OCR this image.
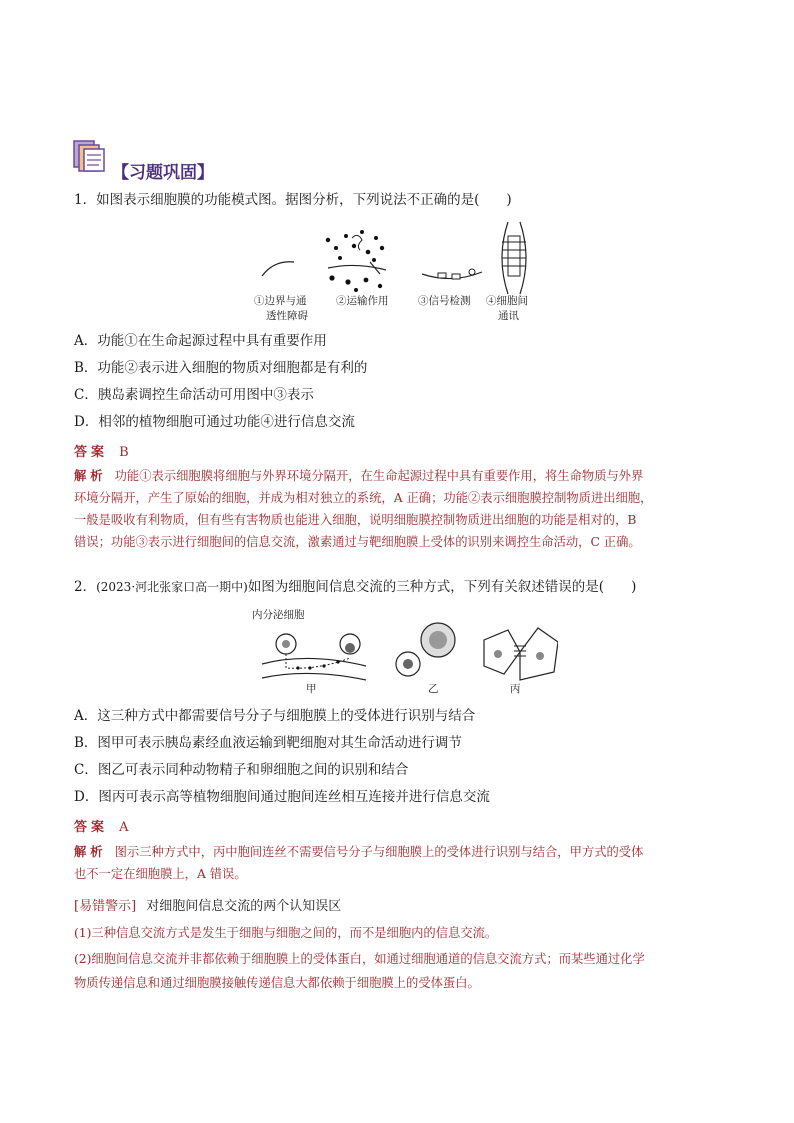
【习题巩固】
1．如图表示细胞膜的功能模式图。据图分析，下列说法不正确的是(　　)
①边界与通
透性障碍
②运输作用	③信号检测 ④细胞间
通讯
A．功能①在生命起源过程中具有重要作用
B．功能②表示进入细胞的物质对细胞都是有利的
C．胰岛素调控生命活动可用图中③表示
D．相邻的植物细胞可通过功能④进行信息交流
答案 B
解析 功能①表示细胞膜将细胞与外界环境分隔开，在生命起源过程中具有重要作用，将生命物质与外界
环境分隔开，产生了原始的细胞，并成为相对独立的系统，A 正确；功能②表示细胞膜控制物质进出细胞，
一般是吸收有利物质，但有些有害物质也能进入细胞，说明细胞膜控制物质进出细胞的功能是相对的，B
错误；功能③表示进行细胞间的信息交流，激素通过与靶细胞膜上受体的识别来调控生命活动，C 正确。
2．(2023·河北张家口高一期中)如图为细胞间信息交流的三种方式，下列有关叙述错误的是(　　)
内分泌细胞
甲	乙	丙
A．这三种方式中都需要信号分子与细胞膜上的受体进行识别与结合
B．图甲可表示胰岛素经血液运输到靶细胞对其生命活动进行调节
C．图乙可表示同种动物精子和卵细胞之间的识别和结合
D．图丙可表示高等植物细胞间通过胞间连丝相互连接并进行信息交流
答案 A
解析 图示三种方式中，丙中胞间连丝不需要信号分子与细胞膜上的受体进行识别与结合，甲方式的受体
也不一定在细胞膜上，A 错误。
[易错警示] 对细胞间信息交流的两个认知误区
(1)三种信息交流方式是发生于细胞与细胞之间的，而不是细胞内的信息交流。
(2)细胞间信息交流并非都依赖于细胞膜上的受体蛋白，如通过细胞通道的信息交流方式；而某些通过化学
物质传递信息和通过细胞膜接触传递信息大都依赖于细胞膜上的受体蛋白。
